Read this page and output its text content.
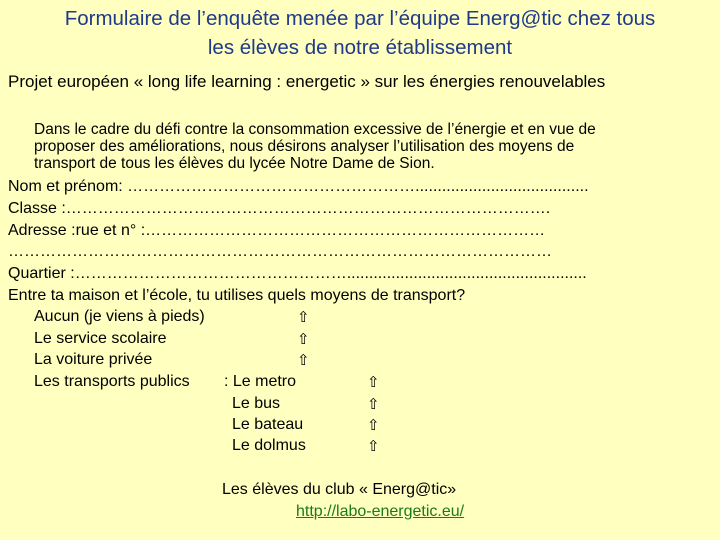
Formulaire de l’enquête menée par l’équipe Energ@tic chez tous
les élèves de notre établissement
Projet européen « long life learning : energetic » sur les énergies renouvelables
Dans le cadre du défi contre la consommation excessive de l’énergie et en vue de
proposer des améliorations, nous désirons analyser l’utilisation des moyens de
transport de tous les élèves du lycée Notre Dame de Sion.
Nom et prénom: ……………………………………………….......................................
Classe :……………………………………………………………………………….
Adresse :rue et n° :…………………………………………………………………
…………………………………………………………………………………………
Quartier :……………………………………………......................................................
Entre ta maison et l’école, tu utilises quels moyens de transport?
Aucun (je viens à pieds)	⇧
Le service scolaire	⇧
La voiture privée	⇧
Les transports publics : Le metro	⇧
Le bus	⇧
Le bateau	⇧
Le dolmus	⇧
Les élèves du club « Energ@tic»
http://labo-energetic.eu/
